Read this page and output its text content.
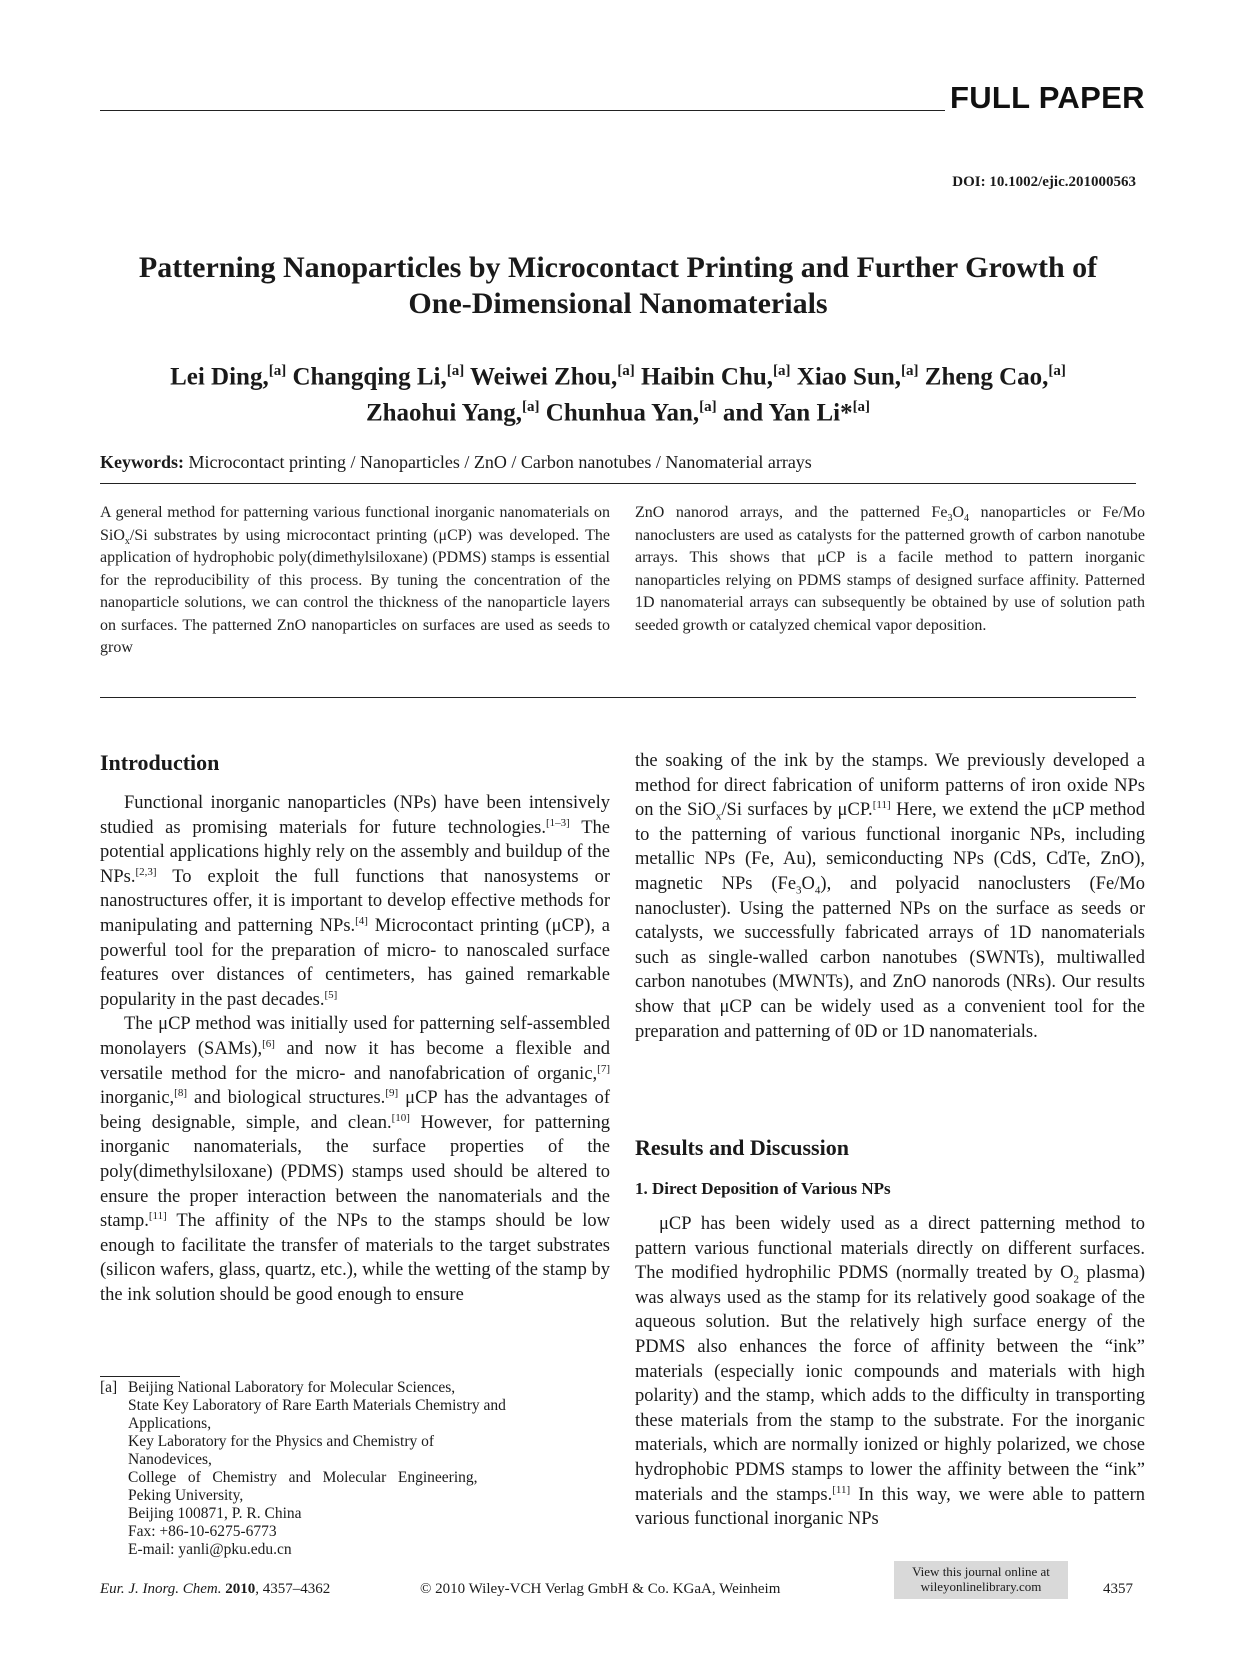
FULL PAPER
DOI: 10.1002/ejic.201000563
Patterning Nanoparticles by Microcontact Printing and Further Growth of
One-Dimensional Nanomaterials
Lei Ding,[a] Changqing Li,[a] Weiwei Zhou,[a] Haibin Chu,[a] Xiao Sun,[a] Zheng Cao,[a]
Zhaohui Yang,[a] Chunhua Yan,[a] and Yan Li*[a]
Keywords: Microcontact printing / Nanoparticles / ZnO / Carbon nanotubes / Nanomaterial arrays
A general method for patterning various functional inorganic nanomaterials on SiO$_x$/Si substrates by using microcontact printing (μCP) was developed. The application of hydrophobic poly(dimethylsiloxane) (PDMS) stamps is essential for the reproducibility of this process. By tuning the concentration of the nanoparticle solutions, we can control the thickness of the nanoparticle layers on surfaces. The patterned ZnO nanoparticles on surfaces are used as seeds to grow
ZnO nanorod arrays, and the patterned $Fe_3O_4$ nanoparticles or Fe/Mo nanoclusters are used as catalysts for the patterned growth of carbon nanotube arrays. This shows that μCP is a facile method to pattern inorganic nanoparticles relying on PDMS stamps of designed surface affinity. Patterned 1D nanomaterial arrays can subsequently be obtained by use of solution path seeded growth or catalyzed chemical vapor deposition.
Introduction

Functional inorganic nanoparticles (NPs) have been intensively studied as promising materials for future technologies.[1–3] The potential applications highly rely on the assembly and buildup of the NPs.[2,3] To exploit the full functions that nanosystems or nanostructures offer, it is important to develop effective methods for manipulating and patterning NPs.[4] Microcontact printing (μCP), a powerful tool for the preparation of micro- to nanoscaled surface features over distances of centimeters, has gained remarkable popularity in the past decades.[5]

The μCP method was initially used for patterning self-assembled monolayers (SAMs),[6] and now it has become a flexible and versatile method for the micro- and nanofabrication of organic,[7] inorganic,[8] and biological structures.[9] μCP has the advantages of being designable, simple, and clean.[10] However, for patterning inorganic nanomaterials, the surface properties of the poly(dimethylsiloxane) (PDMS) stamps used should be altered to ensure the proper interaction between the nanomaterials and the stamp.[11] The affinity of the NPs to the stamps should be low enough to facilitate the transfer of materials to the target substrates (silicon wafers, glass, quartz, etc.), while the wetting of the stamp by the ink solution should be good enough to ensure

the soaking of the ink by the stamps. We previously developed a method for direct fabrication of uniform patterns of iron oxide NPs on the SiO$_x$/Si surfaces by μCP.[11] Here, we extend the μCP method to the patterning of various functional inorganic NPs, including metallic NPs (Fe, Au), semiconducting NPs (CdS, CdTe, ZnO), magnetic NPs $(Fe_3O_4)$, and polyacid nanoclusters (Fe/Mo nanocluster). Using the patterned NPs on the surface as seeds or catalysts, we successfully fabricated arrays of 1D nanomaterials such as single-walled carbon nanotubes (SWNTs), multiwalled carbon nanotubes (MWNTs), and ZnO nanorods (NRs). Our results show that μCP can be widely used as a convenient tool for the preparation and patterning of 0D or 1D nanomaterials.

Results and Discussion
1. Direct Deposition of Various NPs

μCP has been widely used as a direct patterning method to pattern various functional materials directly on different surfaces. The modified hydrophilic PDMS (normally treated by $O_2$ plasma) was always used as the stamp for its relatively good soakage of the aqueous solution. But the relatively high surface energy of the PDMS also enhances the force of affinity between the “ink” materials (especially ionic compounds and materials with high polarity) and the stamp, which adds to the difficulty in transporting these materials from the stamp to the substrate. For the inorganic materials, which are normally ionized or highly polarized, we chose hydrophobic PDMS stamps to lower the affinity between the “ink” materials and the stamps.[11] In this way, we were able to pattern various functional inorganic NPs

[a] Beijing National Laboratory for Molecular Sciences,
State Key Laboratory of Rare Earth Materials Chemistry and
Applications,
Key Laboratory for the Physics and Chemistry of
Nanodevices,
College   of   Chemistry   and   Molecular   Engineering,
Peking University,
Beijing 100871, P. R. China
Fax: +86-10-6275-6773
E-mail: yanli@pku.edu.cn
Eur. J. Inorg. Chem. 2010, 4357–4362	© 2010 Wiley-VCH Verlag GmbH & Co. KGaA, Weinheim
View this journal online at
wileyonlinelibrary.com	4357
